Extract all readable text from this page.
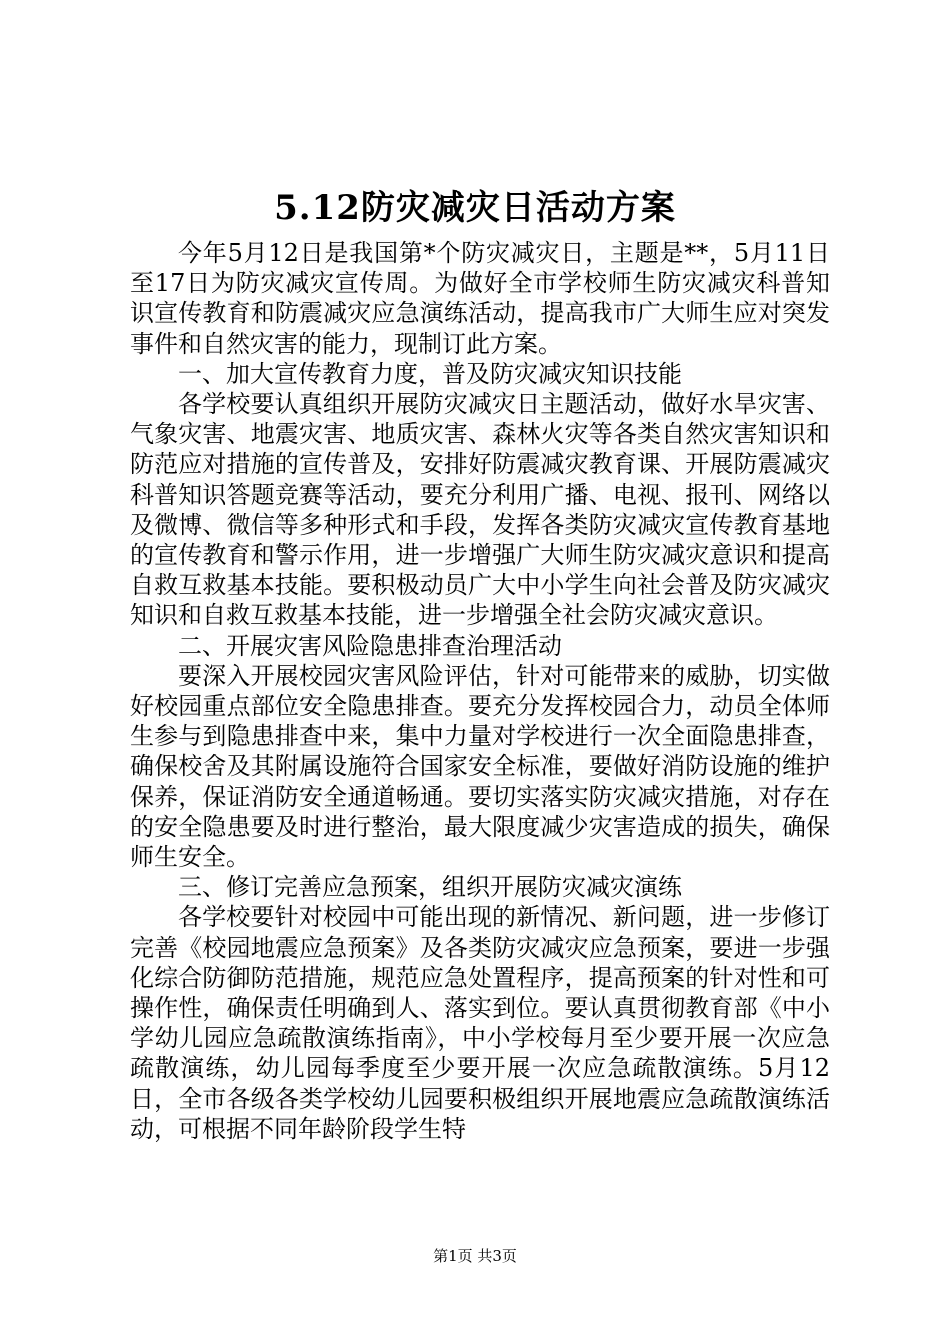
5.12防灾减灾日活动方案

今年5月12日是我国第*个防灾减灾日，主题是**，5月11日至17日为防灾减灾宣传周。为做好全市学校师生防灾减灾科普知识宣传教育和防震减灾应急演练活动，提高我市广大师生应对突发事件和自然灾害的能力，现制订此方案。

一、加大宣传教育力度，普及防灾减灾知识技能

各学校要认真组织开展防灾减灾日主题活动，做好水旱灾害、气象灾害、地震灾害、地质灾害、森林火灾等各类自然灾害知识和防范应对措施的宣传普及，安排好防震减灾教育课、开展防震减灾科普知识答题竞赛等活动，要充分利用广播、电视、报刊、网络以及微博、微信等多种形式和手段，发挥各类防灾减灾宣传教育基地的宣传教育和警示作用，进一步增强广大师生防灾减灾意识和提高自救互救基本技能。要积极动员广大中小学生向社会普及防灾减灾知识和自救互救基本技能，进一步增强全社会防灾减灾意识。

二、开展灾害风险隐患排查治理活动

要深入开展校园灾害风险评估，针对可能带来的威胁，切实做好校园重点部位安全隐患排查。要充分发挥校园合力，动员全体师生参与到隐患排查中来，集中力量对学校进行一次全面隐患排查，确保校舍及其附属设施符合国家安全标准，要做好消防设施的维护保养，保证消防安全通道畅通。要切实落实防灾减灾措施，对存在的安全隐患要及时进行整治，最大限度减少灾害造成的损失，确保师生安全。

三、修订完善应急预案，组织开展防灾减灾演练

各学校要针对校园中可能出现的新情况、新问题，进一步修订完善《校园地震应急预案》及各类防灾减灾应急预案，要进一步强化综合防御防范措施，规范应急处置程序，提高预案的针对性和可操作性，确保责任明确到人、落实到位。要认真贯彻教育部《中小学幼儿园应急疏散演练指南》，中小学校每月至少要开展一次应急疏散演练，幼儿园每季度至少要开展一次应急疏散演练。5月12日，全市各级各类学校幼儿园要积极组织开展地震应急疏散演练活动，可根据不同年龄阶段学生特

第1页 共3页
